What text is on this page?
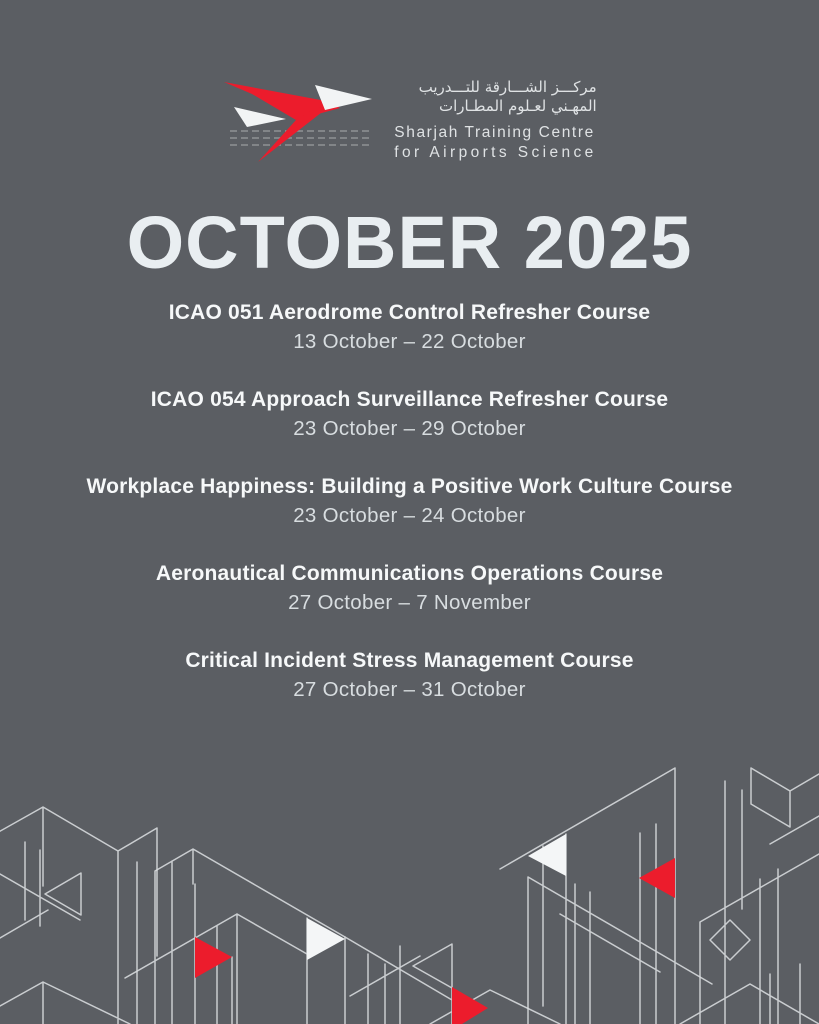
مركـــز الشـــارقة للتـــدريب
المهـني لعـلوم المطـارات
Sharjah Training Centre
for Airports Science
OCTOBER 2025
ICAO 051 Aerodrome Control Refresher Course
13 October – 22 October
ICAO 054 Approach Surveillance Refresher Course
23 October – 29 October
Workplace Happiness: Building a Positive Work Culture Course
23 October – 24 October
Aeronautical Communications Operations Course
27 October – 7 November
Critical Incident Stress Management Course
27 October – 31 October
